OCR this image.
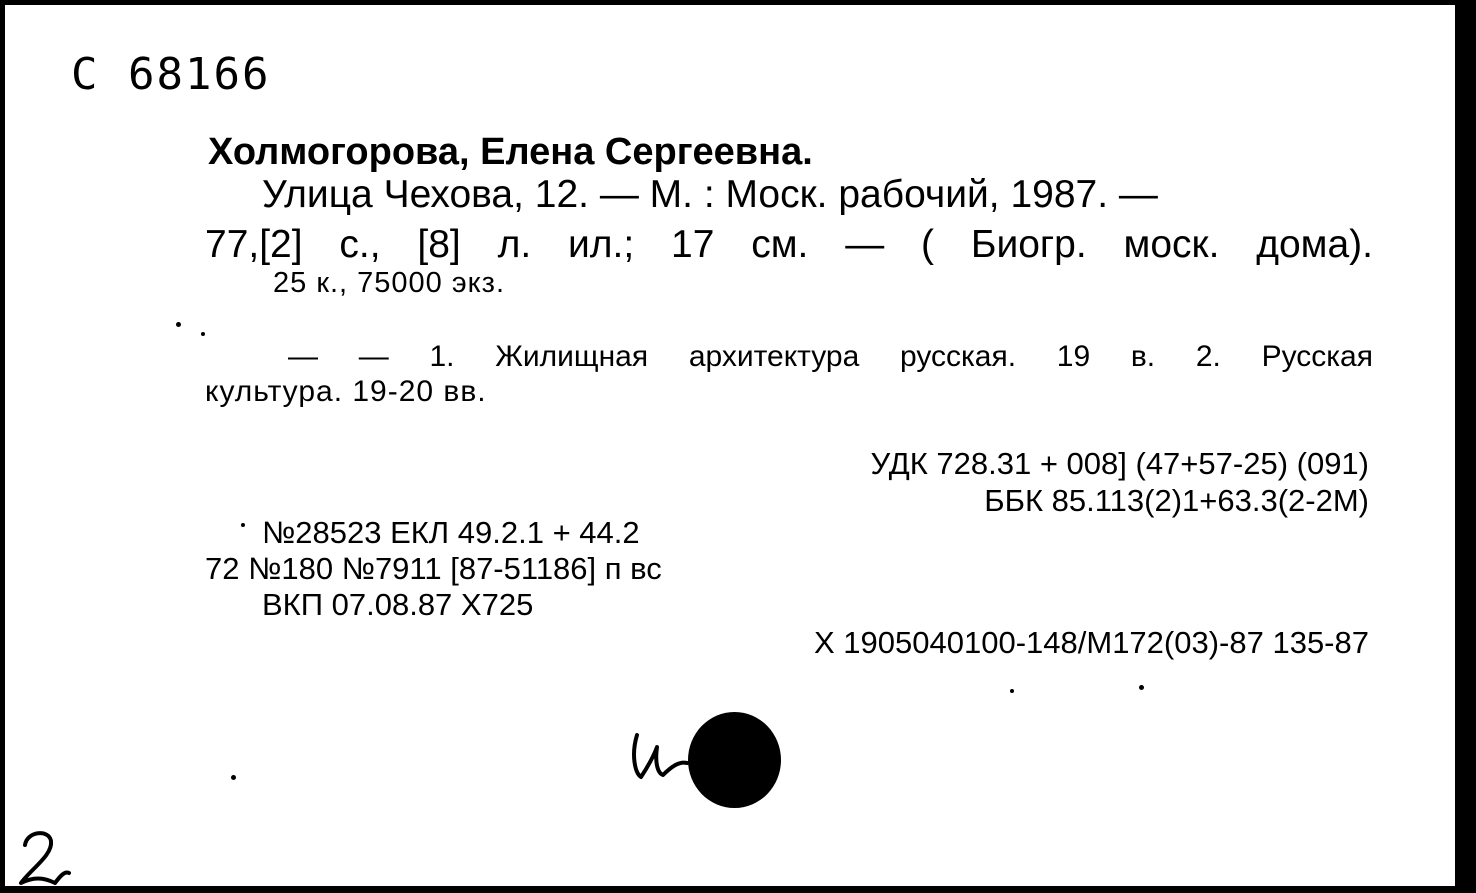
С 68166

Холмогорова, Елена Сергеевна.

Улица Чехова, 12. — М. : Моск. рабочий, 1987. —

77,[2] с., [8] л. ил.; 17 см. — ( Биогр. моск. дома).

25 к., 75000 экз.

— — 1. Жилищная архитектура русская. 19 в. 2. Русская

культура. 19-20 вв.

УДК 728.31 + 008] (47+57-25) (091)

ББК 85.113(2)1+63.3(2-2М)

№28523 ЕКЛ 49.2.1 + 44.2

72 №180 №7911 [87-51186] п вс

ВКП 07.08.87 Х725

Х 1905040100-148/М172(03)-87 135-87
